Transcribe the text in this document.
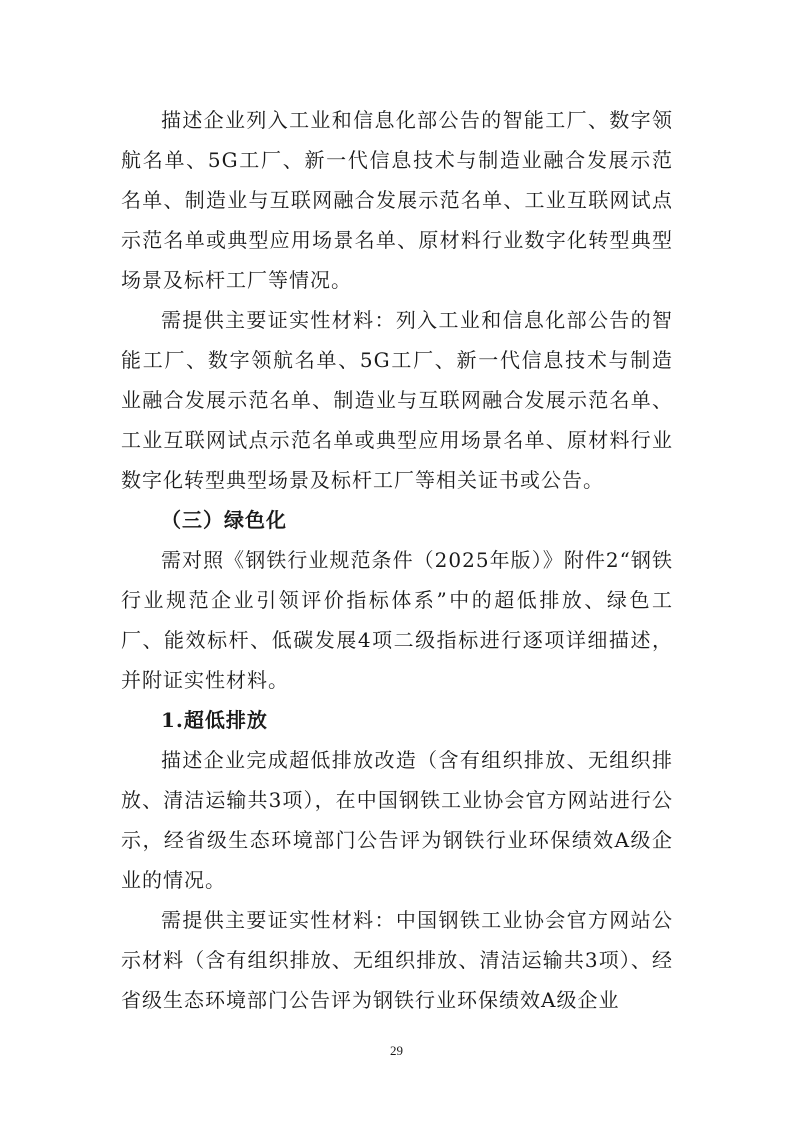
描述企业列入工业和信息化部公告的智能工厂、数字领航名单、5G工厂、新一代信息技术与制造业融合发展示范名单、制造业与互联网融合发展示范名单、工业互联网试点示范名单或典型应用场景名单、原材料行业数字化转型典型场景及标杆工厂等情况。

需提供主要证实性材料：列入工业和信息化部公告的智能工厂、数字领航名单、5G工厂、新一代信息技术与制造业融合发展示范名单、制造业与互联网融合发展示范名单、工业互联网试点示范名单或典型应用场景名单、原材料行业数字化转型典型场景及标杆工厂等相关证书或公告。

（三）绿色化

需对照《钢铁行业规范条件（2025年版）》附件2“钢铁行业规范企业引领评价指标体系”中的超低排放、绿色工厂、能效标杆、低碳发展4项二级指标进行逐项详细描述，并附证实性材料。

1.超低排放

描述企业完成超低排放改造（含有组织排放、无组织排放、清洁运输共3项），在中国钢铁工业协会官方网站进行公示，经省级生态环境部门公告评为钢铁行业环保绩效A级企业的情况。

需提供主要证实性材料：中国钢铁工业协会官方网站公示材料（含有组织排放、无组织排放、清洁运输共3项）、经省级生态环境部门公告评为钢铁行业环保绩效A级企业

29
